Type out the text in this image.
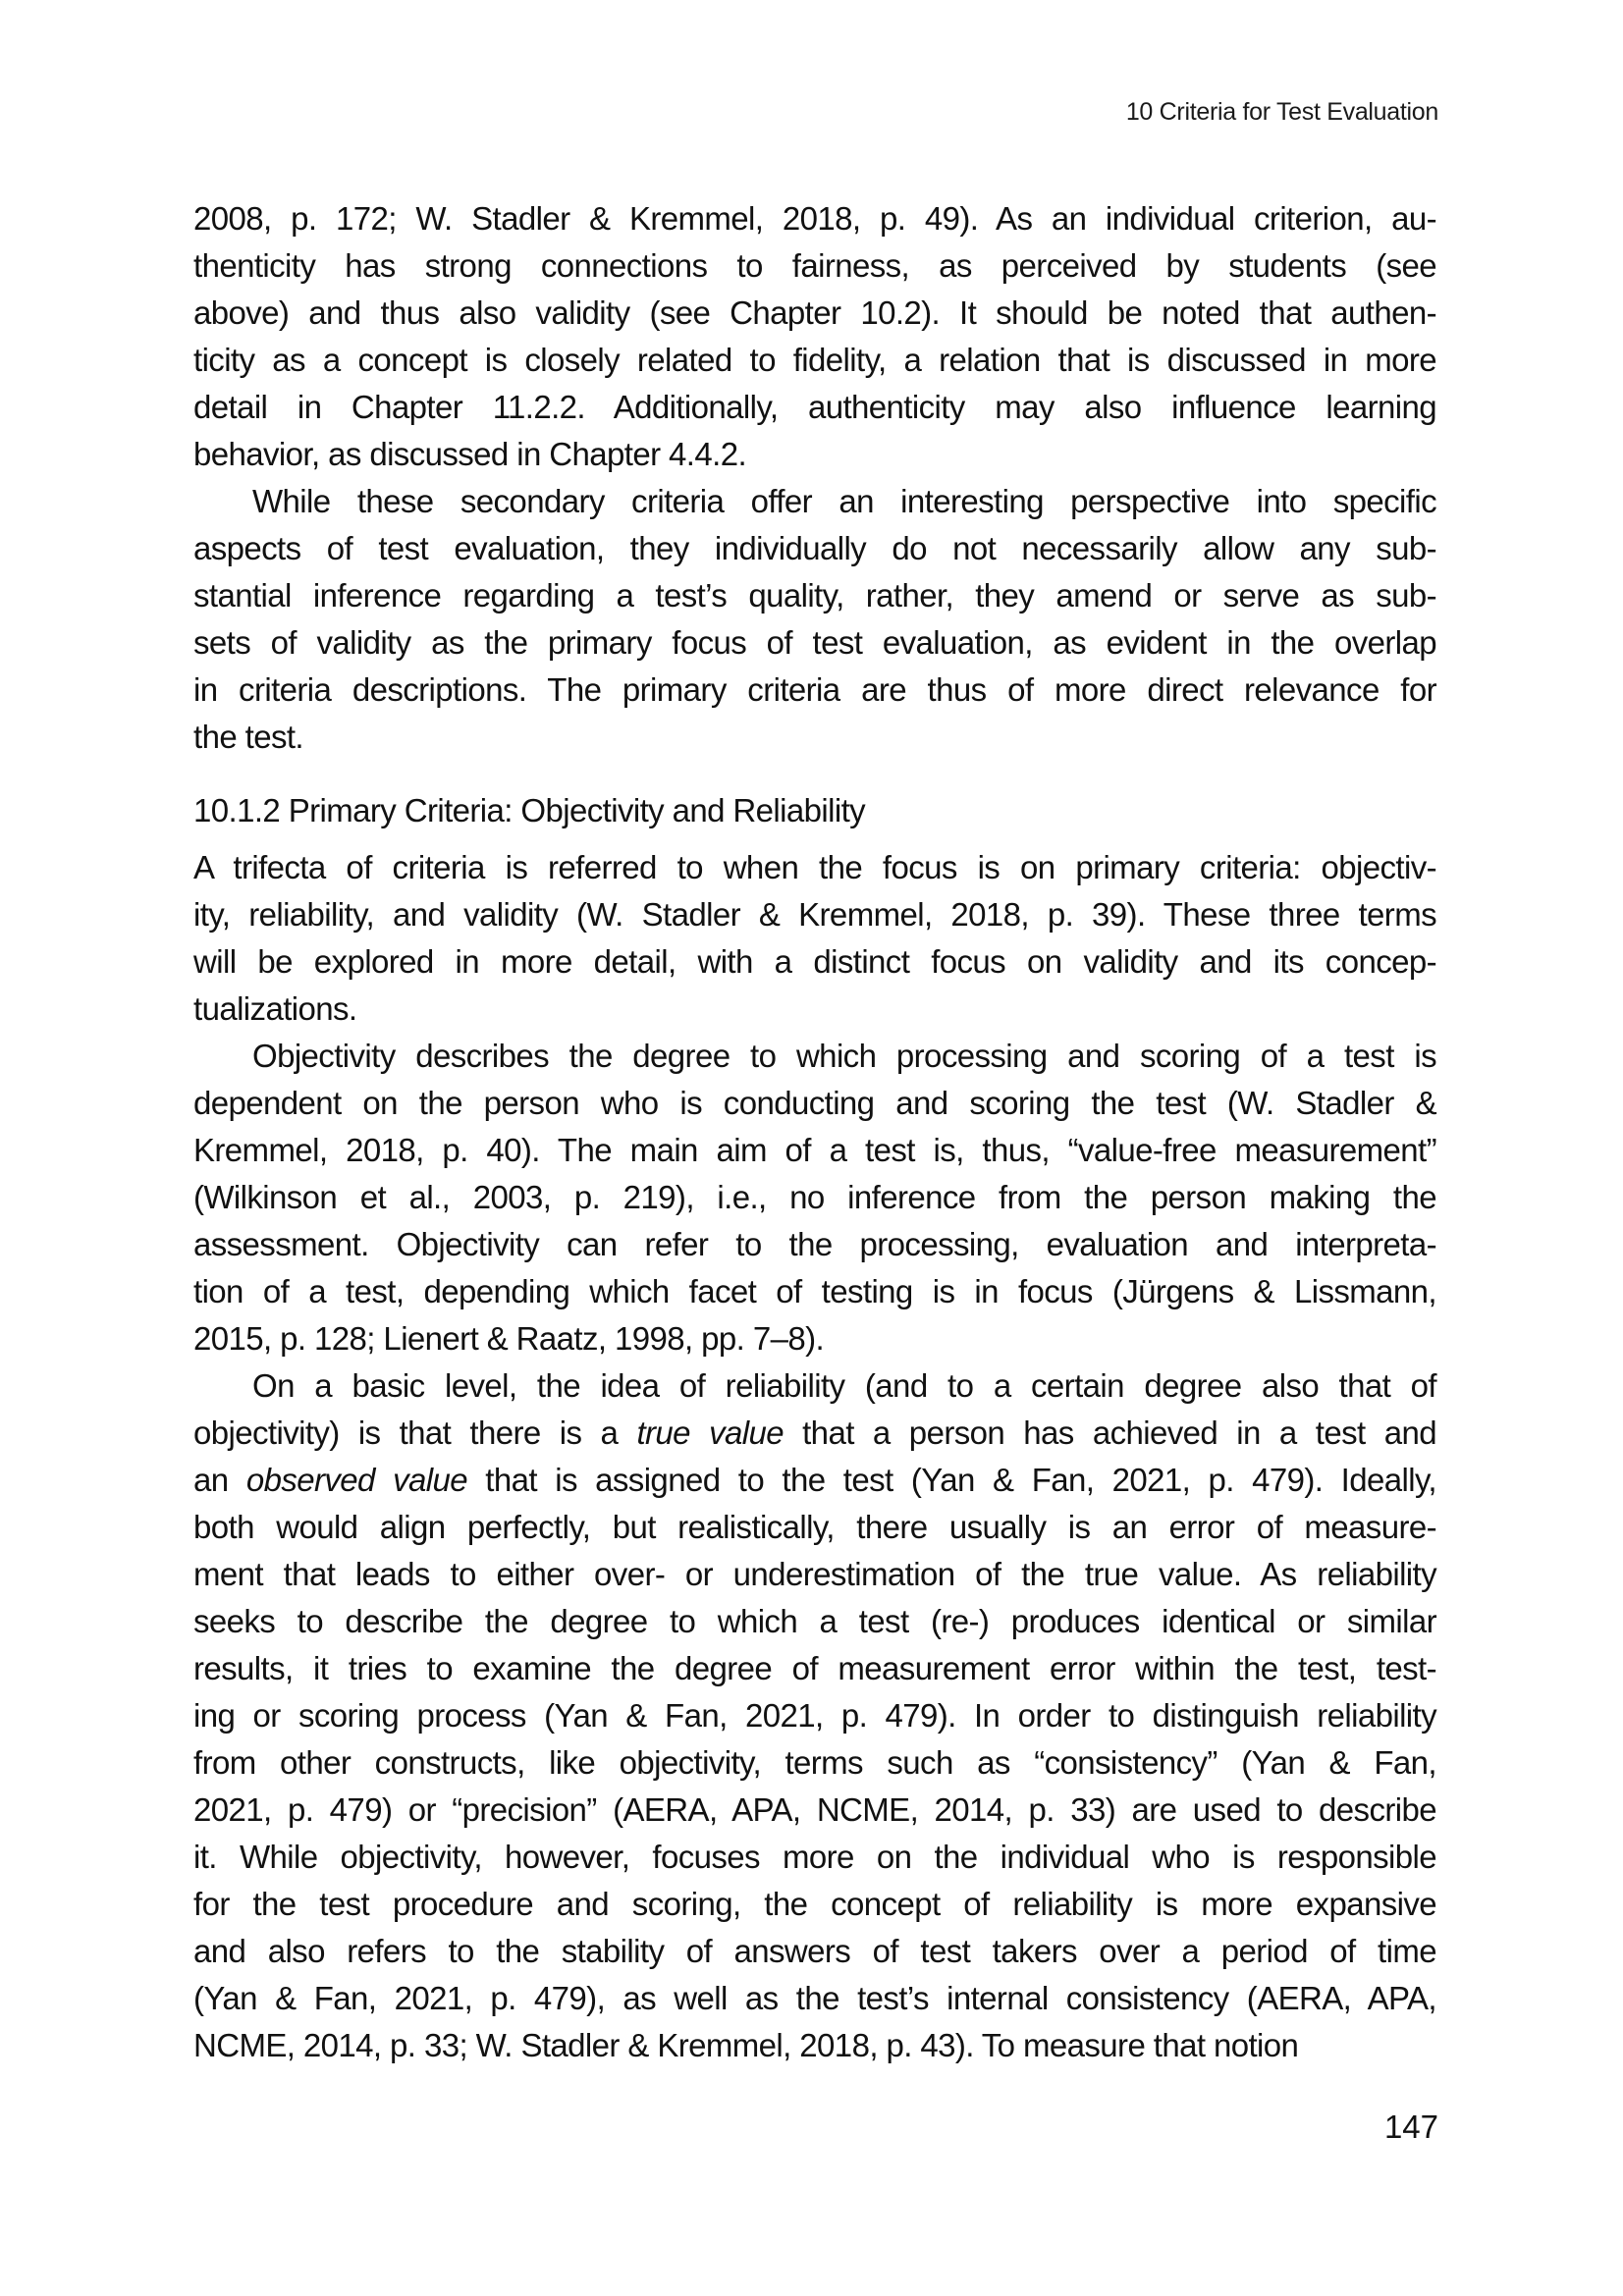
10 Criteria for Test Evaluation
2008, p. 172; W. Stadler & Kremmel, 2018, p. 49). As an individual criterion, au-
thenticity has strong connections to fairness, as perceived by students (see
above) and thus also validity (see Chapter 10.2). It should be noted that authen-
ticity as a concept is closely related to fidelity, a relation that is discussed in more
detail in Chapter 11.2.2. Additionally, authenticity may also influence learning
behavior, as discussed in Chapter 4.4.2.
While these secondary criteria offer an interesting perspective into specific
aspects of test evaluation, they individually do not necessarily allow any sub-
stantial inference regarding a test’s quality, rather, they amend or serve as sub-
sets of validity as the primary focus of test evaluation, as evident in the overlap
in criteria descriptions. The primary criteria are thus of more direct relevance for
the test.
10.1.2 Primary Criteria: Objectivity and Reliability
A trifecta of criteria is referred to when the focus is on primary criteria: objectiv-
ity, reliability, and validity (W. Stadler & Kremmel, 2018, p. 39). These three terms
will be explored in more detail, with a distinct focus on validity and its concep-
tualizations.
Objectivity describes the degree to which processing and scoring of a test is
dependent on the person who is conducting and scoring the test (W. Stadler &
Kremmel, 2018, p. 40). The main aim of a test is, thus, “value-free measurement”
(Wilkinson et al., 2003, p. 219), i.e., no inference from the person making the
assessment. Objectivity can refer to the processing, evaluation and interpreta-
tion of a test, depending which facet of testing is in focus (Jürgens & Lissmann,
2015, p. 128; Lienert & Raatz, 1998, pp. 7–8).
On a basic level, the idea of reliability (and to a certain degree also that of
objectivity) is that there is a true value that a person has achieved in a test and
an observed value that is assigned to the test (Yan & Fan, 2021, p. 479). Ideally,
both would align perfectly, but realistically, there usually is an error of measure-
ment that leads to either over- or underestimation of the true value. As reliability
seeks to describe the degree to which a test (re-) produces identical or similar
results, it tries to examine the degree of measurement error within the test, test-
ing or scoring process (Yan & Fan, 2021, p. 479). In order to distinguish reliability
from other constructs, like objectivity, terms such as “consistency” (Yan & Fan,
2021, p. 479) or “precision” (AERA, APA, NCME, 2014, p. 33) are used to describe
it. While objectivity, however, focuses more on the individual who is responsible
for the test procedure and scoring, the concept of reliability is more expansive
and also refers to the stability of answers of test takers over a period of time
(Yan & Fan, 2021, p. 479), as well as the test’s internal consistency (AERA, APA,
NCME, 2014, p. 33; W. Stadler & Kremmel, 2018, p. 43). To measure that notion
147
